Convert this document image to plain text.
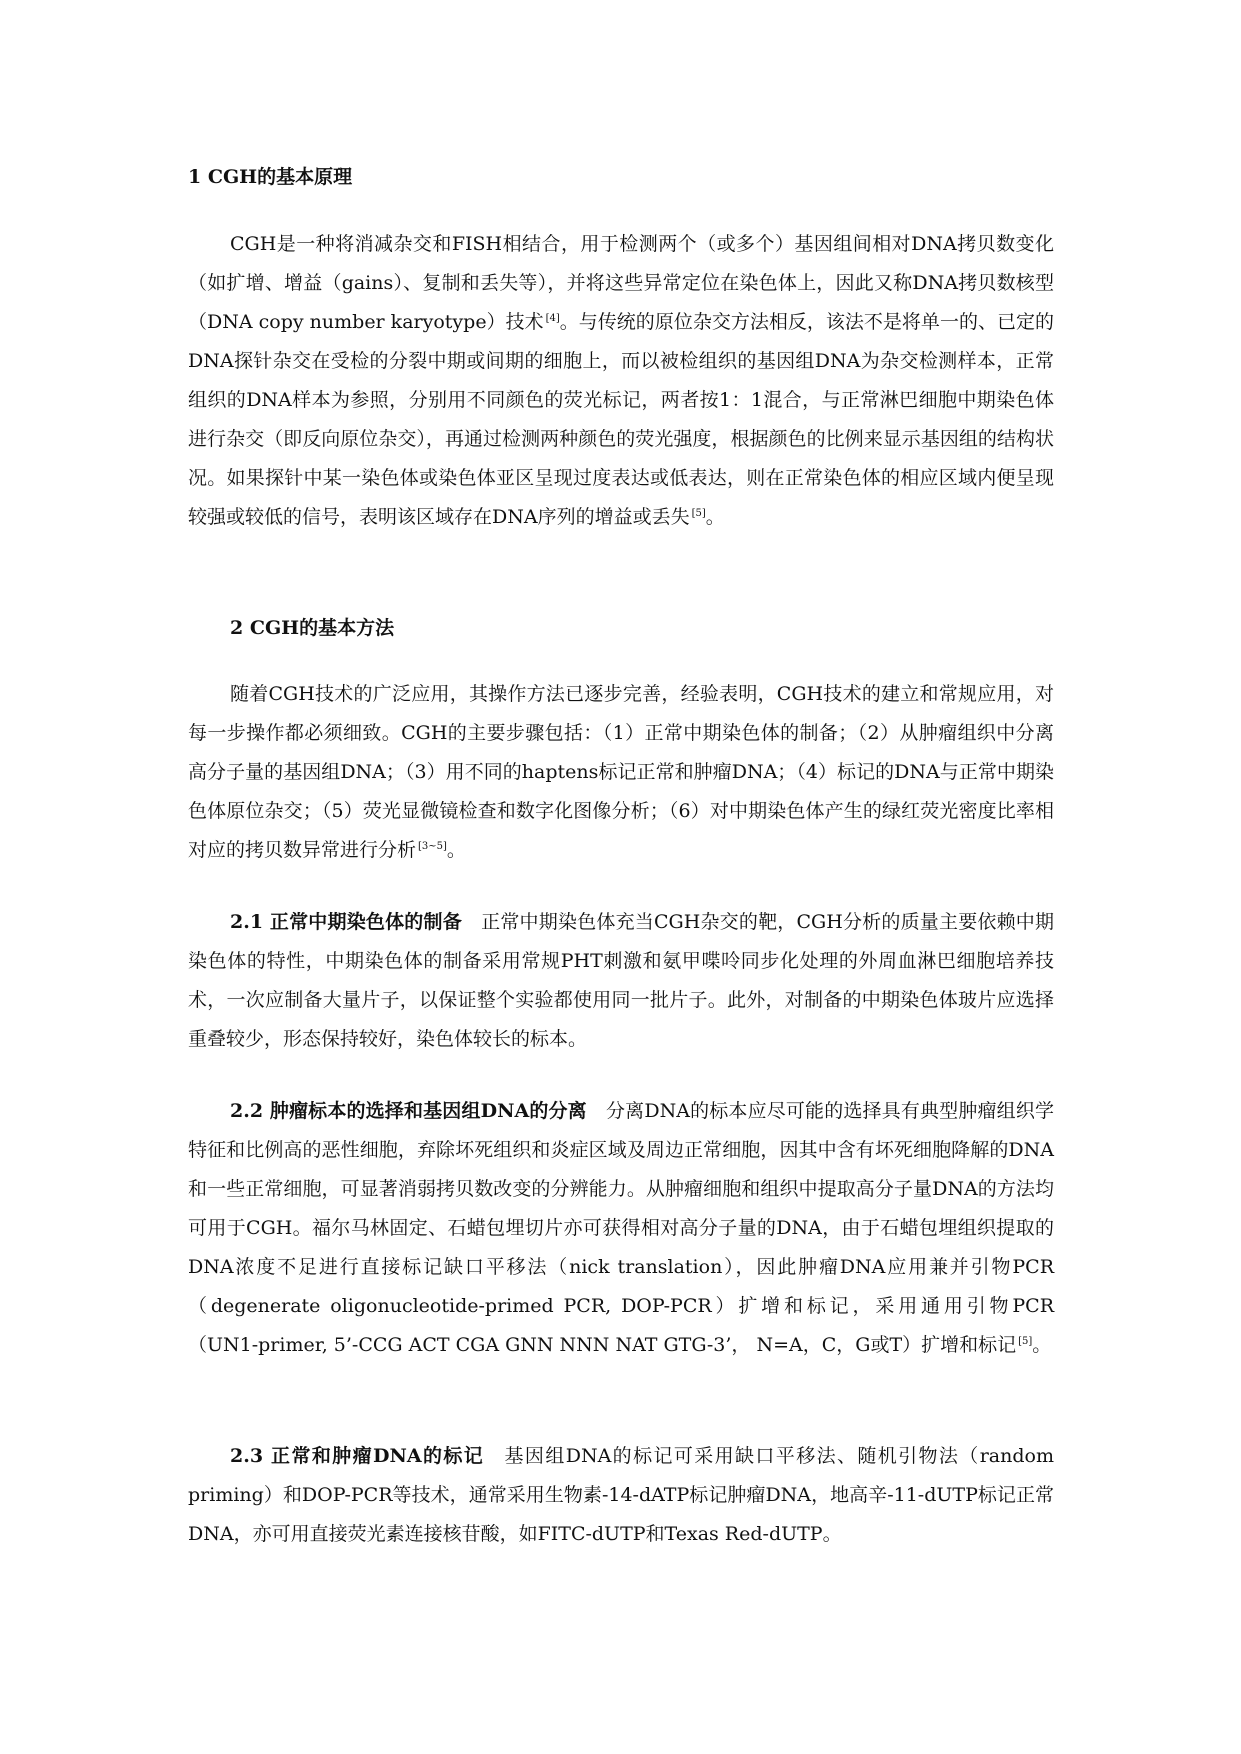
1 CGH的基本原理

CGH是一种将消减杂交和FISH相结合，用于检测两个（或多个）基因组间相对DNA拷贝数变化（如扩增、增益（gains）、复制和丢失等），并将这些异常定位在染色体上，因此又称DNA拷贝数核型（DNA copy number karyotype）技术 [4]。与传统的原位杂交方法相反，该法不是将单一的、已定的DNA探针杂交在受检的分裂中期或间期的细胞上，而以被检组织的基因组DNA为杂交检测样本，正常组织的DNA样本为参照，分别用不同颜色的荧光标记，两者按1：1混合，与正常淋巴细胞中期染色体进行杂交（即反向原位杂交），再通过检测两种颜色的荧光强度，根据颜色的比例来显示基因组的结构状况。如果探针中某一染色体或染色体亚区呈现过度表达或低表达，则在正常染色体的相应区域内便呈现较强或较低的信号，表明该区域存在DNA序列的增益或丢失 [5]。

2 CGH的基本方法

随着CGH技术的广泛应用，其操作方法已逐步完善，经验表明，CGH技术的建立和常规应用，对每一步操作都必须细致。CGH的主要步骤包括：（1）正常中期染色体的制备；（2）从肿瘤组织中分离高分子量的基因组DNA；（3）用不同的haptens标记正常和肿瘤DNA；（4）标记的DNA与正常中期染色体原位杂交；（5）荧光显微镜检查和数字化图像分析；（6）对中期染色体产生的绿红荧光密度比率相对应的拷贝数异常进行分析 [3~5]。

2.1 正常中期染色体的制备　 正常中期染色体充当CGH杂交的靶，CGH分析的质量主要依赖中期染色体的特性，中期染色体的制备采用常规PHT刺激和氨甲喋呤同步化处理的外周血淋巴细胞培养技术，一次应制备大量片子，以保证整个实验都使用同一批片子。此外，对制备的中期染色体玻片应选择重叠较少，形态保持较好，染色体较长的标本。

2.2 肿瘤标本的选择和基因组DNA的分离　 分离DNA的标本应尽可能的选择具有典型肿瘤组织学特征和比例高的恶性细胞，弃除坏死组织和炎症区域及周边正常细胞，因其中含有坏死细胞降解的DNA和一些正常细胞，可显著消弱拷贝数改变的分辨能力。从肿瘤细胞和组织中提取高分子量DNA的方法均可用于CGH。福尔马林固定、石蜡包埋切片亦可获得相对高分子量的DNA，由于石蜡包埋组织提取的DNA浓度不足进行直接标记缺口平移法（nick translation），因此肿瘤DNA应用兼并引物PCR（degenerate oligonucleotide-primed PCR, DOP-PCR）扩增和标记，采用通用引物PCR（UN1-primer, 5’-CCG ACT CGA GNN NNN NAT GTG-3’， N=A，C，G或T）扩增和标记 [5]。

2.3 正常和肿瘤DNA的标记　 基因组DNA的标记可采用缺口平移法、随机引物法（random priming）和DOP-PCR等技术，通常采用生物素-14-dATP标记肿瘤DNA，地高辛-11-dUTP标记正常DNA，亦可用直接荧光素连接核苷酸，如FITC-dUTP和Texas Red-dUTP。
